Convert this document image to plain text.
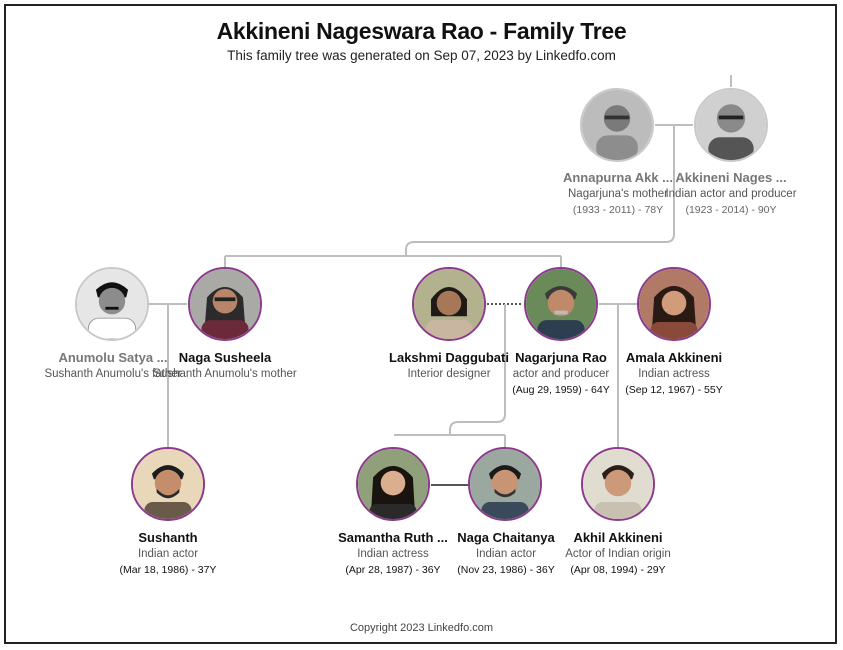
Akkineni Nageswara Rao - Family Tree
This family tree was generated on Sep 07, 2023 by Linkedfo.com
Annapurna Akk ...
Nagarjuna's mother
(1933 - 2011) - 78Y
Akkineni Nages ...
Indian actor and producer
(1923 - 2014) - 90Y
Anumolu Satya ...
Sushanth Anumolu's father
Naga Susheela
Sushanth Anumolu's mother
Lakshmi Daggubati
Interior designer
Nagarjuna Rao
actor and producer
(Aug 29, 1959) - 64Y
Amala Akkineni
Indian actress
(Sep 12, 1967) - 55Y
Sushanth
Indian actor
(Mar 18, 1986) - 37Y
Samantha Ruth ...
Indian actress
(Apr 28, 1987) - 36Y
Naga Chaitanya
Indian actor
(Nov 23, 1986) - 36Y
Akhil Akkineni
Actor of Indian origin
(Apr 08, 1994) - 29Y
Copyright 2023 Linkedfo.com
